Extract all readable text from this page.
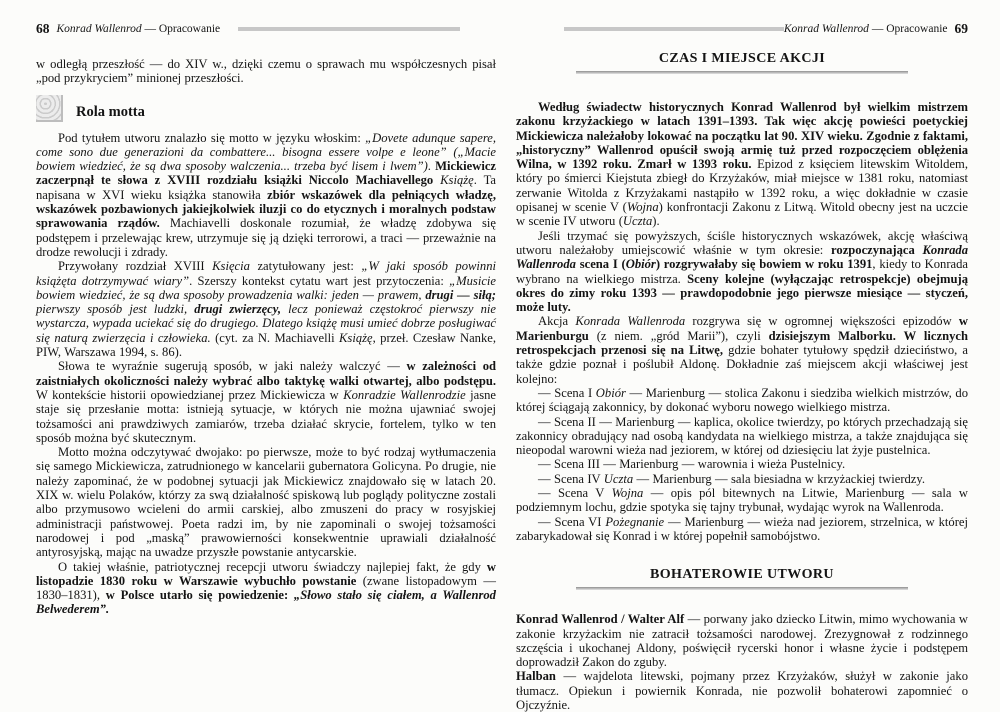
68 Konrad Wallenrod — Opracowanie

w odległą przeszłość — do XIV w., dzięki czemu o sprawach mu współczesnych pisał „pod przykryciem” minionej przeszłości.

Rola motta

Pod tytułem utworu znalazło się motto w języku włoskim: „Dovete adunque sapere, come sono due generazioni da combattere... bisogna essere volpe e leone” („Macie bowiem wiedzieć, że są dwa sposoby walczenia... trzeba być lisem i lwem”). Mickiewicz zaczerpnął te słowa z XVIII rozdziału książki Niccolo Machiavellego Książę. Ta napisana w XVI wieku książka stanowiła zbiór wskazówek dla pełniących władzę, wskazówek pozbawionych jakiejkolwiek iluzji co do etycznych i moralnych podstaw sprawowania rządów. Machiavelli doskonale rozumiał, że władzę zdobywa się podstępem i przelewając krew, utrzymuje się ją dzięki terrorowi, a traci — przeważnie na drodze rewolucji i zdrady.

Przywołany rozdział XVIII Księcia zatytułowany jest: „W jaki sposób powinni książęta dotrzymywać wiary”. Szerszy kontekst cytatu wart jest przytoczenia: „Musicie bowiem wiedzieć, że są dwa sposoby prowadzenia walki: jeden — prawem, drugi — siłą; pierwszy sposób jest ludzki, drugi zwierzęcy, lecz ponieważ częstokroć pierwszy nie wystarcza, wypada uciekać się do drugiego. Dlatego książę musi umieć dobrze posługiwać się naturą zwierzęcia i człowieka. (cyt. za N. Machiavelli Książę, przeł. Czesław Nanke, PIW, Warszawa 1994, s. 86).

Słowa te wyraźnie sugerują sposób, w jaki należy walczyć — w zależności od zaistniałych okoliczności należy wybrać albo taktykę walki otwartej, albo podstępu. W kontekście historii opowiedzianej przez Mickiewicza w Konradzie Wallenrodzie jasne staje się przesłanie motta: istnieją sytuacje, w których nie można ujawniać swojej tożsamości ani prawdziwych zamiarów, trzeba działać skrycie, fortelem, tylko w ten sposób można być skutecznym.

Motto można odczytywać dwojako: po pierwsze, może to być rodzaj wytłumaczenia się samego Mickiewicza, zatrudnionego w kancelarii gubernatora Golicyna. Po drugie, nie należy zapominać, że w podobnej sytuacji jak Mickiewicz znajdowało się w latach 20. XIX w. wielu Polaków, którzy za swą działalność spiskową lub poglądy polityczne zostali albo przymusowo wcieleni do armii carskiej, albo zmuszeni do pracy w rosyjskiej administracji państwowej. Poeta radzi im, by nie zapominali o swojej tożsamości narodowej i pod „maską” prawowierności konsekwentnie uprawiali działalność antyrosyjską, mając na uwadze przyszłe powstanie antycarskie.

O takiej właśnie, patriotycznej recepcji utworu świadczy najlepiej fakt, że gdy w listopadzie 1830 roku w Warszawie wybuchło powstanie (zwane listopadowym — 1830–1831), w Polsce utarło się powiedzenie: „Słowo stało się ciałem, a Wallenrod Belwederem”.

Konrad Wallenrod — Opracowanie 69
CZAS I MIEJSCE AKCJI

Według świadectw historycznych Konrad Wallenrod był wielkim mistrzem zakonu krzyżackiego w latach 1391–1393. Tak więc akcję powieści poetyckiej Mickiewicza należałoby lokować na początku lat 90. XIV wieku. Zgodnie z faktami, „historyczny” Wallenrod opuścił swoją armię tuż przed rozpoczęciem oblężenia Wilna, w 1392 roku. Zmarł w 1393 roku. Epizod z księciem litewskim Witoldem, który po śmierci Kiejstuta zbiegł do Krzyżaków, miał miejsce w 1381 roku, natomiast zerwanie Witolda z Krzyżakami nastąpiło w 1392 roku, a więc dokładnie w czasie opisanej w scenie V (Wojna) konfrontacji Zakonu z Litwą. Witold obecny jest na uczcie w scenie IV utworu (Uczta).

Jeśli trzymać się powyższych, ściśle historycznych wskazówek, akcję właściwą utworu należałoby umiejscowić właśnie w tym okresie: rozpoczynająca Konrada Wallenroda scena I (Obiór) rozgrywałaby się bowiem w roku 1391, kiedy to Konrada wybrano na wielkiego mistrza. Sceny kolejne (wyłączając retrospekcje) obejmują okres do zimy roku 1393 — prawdopodobnie jego pierwsze miesiące — styczeń, może luty.

Akcja Konrada Wallenroda rozgrywa się w ogromnej większości epizodów w Marienburgu (z niem. „gród Marii”), czyli dzisiejszym Malborku. W licznych retrospekcjach przenosi się na Litwę, gdzie bohater tytułowy spędził dzieciństwo, a także gdzie poznał i poślubił Aldonę. Dokładnie zaś miejscem akcji właściwej jest kolejno:

— Scena I Obiór — Marienburg — stolica Zakonu i siedziba wielkich mistrzów, do której ściągają zakonnicy, by dokonać wyboru nowego wielkiego mistrza.

— Scena II — Marienburg — kaplica, okolice twierdzy, po których przechadzają się zakonnicy obradujący nad osobą kandydata na wielkiego mistrza, a także znajdująca się nieopodal warowni wieża nad jeziorem, w której od dziesięciu lat żyje pustelnica.

— Scena III — Marienburg — warownia i wieża Pustelnicy.

— Scena IV Uczta — Marienburg — sala biesiadna w krzyżackiej twierdzy.

— Scena V Wojna — opis pól bitewnych na Litwie, Marienburg — sala w podziemnym lochu, gdzie spotyka się tajny trybunał, wydając wyrok na Wallenroda.

— Scena VI Pożegnanie — Marienburg — wieża nad jeziorem, strzelnica, w której zabarykadował się Konrad i w której popełnił samobójstwo.

BOHATEROWIE UTWORU

Konrad Wallenrod / Walter Alf — porwany jako dziecko Litwin, mimo wychowania w zakonie krzyżackim nie zatracił tożsamości narodowej. Zrezygnował z rodzinnego szczęścia i ukochanej Aldony, poświęcił rycerski honor i własne życie i podstępem doprowadził Zakon do zguby.

Halban — wajdelota litewski, pojmany przez Krzyżaków, służył w zakonie jako tłumacz. Opiekun i powiernik Konrada, nie pozwolił bohaterowi zapomnieć o Ojczyźnie.
